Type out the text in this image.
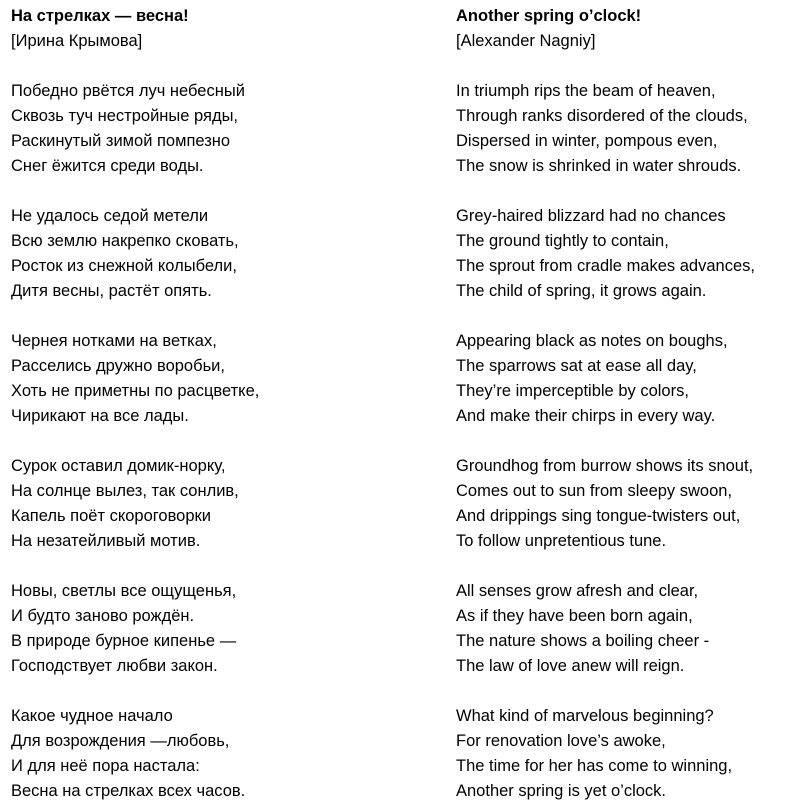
На стрелках — весна!
[Ирина Крымова]
Победно рвётся луч небесный
Сквозь туч нестройные ряды,
Раскинутый зимой помпезно
Снег ёжится среди воды.
Не удалось седой метели
Всю землю накрепко сковать,
Росток из снежной колыбели,
Дитя весны, растёт опять.
Чернея нотками на ветках,
Расселись дружно воробьи,
Хоть не приметны по расцветке,
Чирикают на все лады.
Сурок оставил домик-норку,
На солнце вылез, так сонлив,
Капель поёт скороговорки
На незатейливый мотив.
Новы, светлы все ощущенья,
И будто заново рождён.
В природе бурное кипенье —
Господствует любви закон.
Какое чудное начало
Для возрождения —любовь,
И для неё пора настала:
Весна на стрелках всех часов.
Another spring o’clock!
[Alexander Nagniy]
In triumph rips the beam of heaven,
Through ranks disordered of the clouds,
Dispersed in winter, pompous even,
The snow is shrinked in water shrouds.
Grey-haired blizzard had no chances
The ground tightly to contain,
The sprout from cradle makes advances,
The child of spring, it grows again.
Appearing black as notes on boughs,
The sparrows sat at ease all day,
They’re imperceptible by colors,
And make their chirps in every way.
Groundhog from burrow shows its snout,
Comes out to sun from sleepy swoon,
And drippings sing tongue-twisters out,
To follow unpretentious tune.
All senses grow afresh and clear,
As if they have been born again,
The nature shows a boiling cheer -
The law of love anew will reign.
What kind of marvelous beginning?
For renovation love’s awoke,
The time for her has come to winning,
Another spring is yet o’clock.
